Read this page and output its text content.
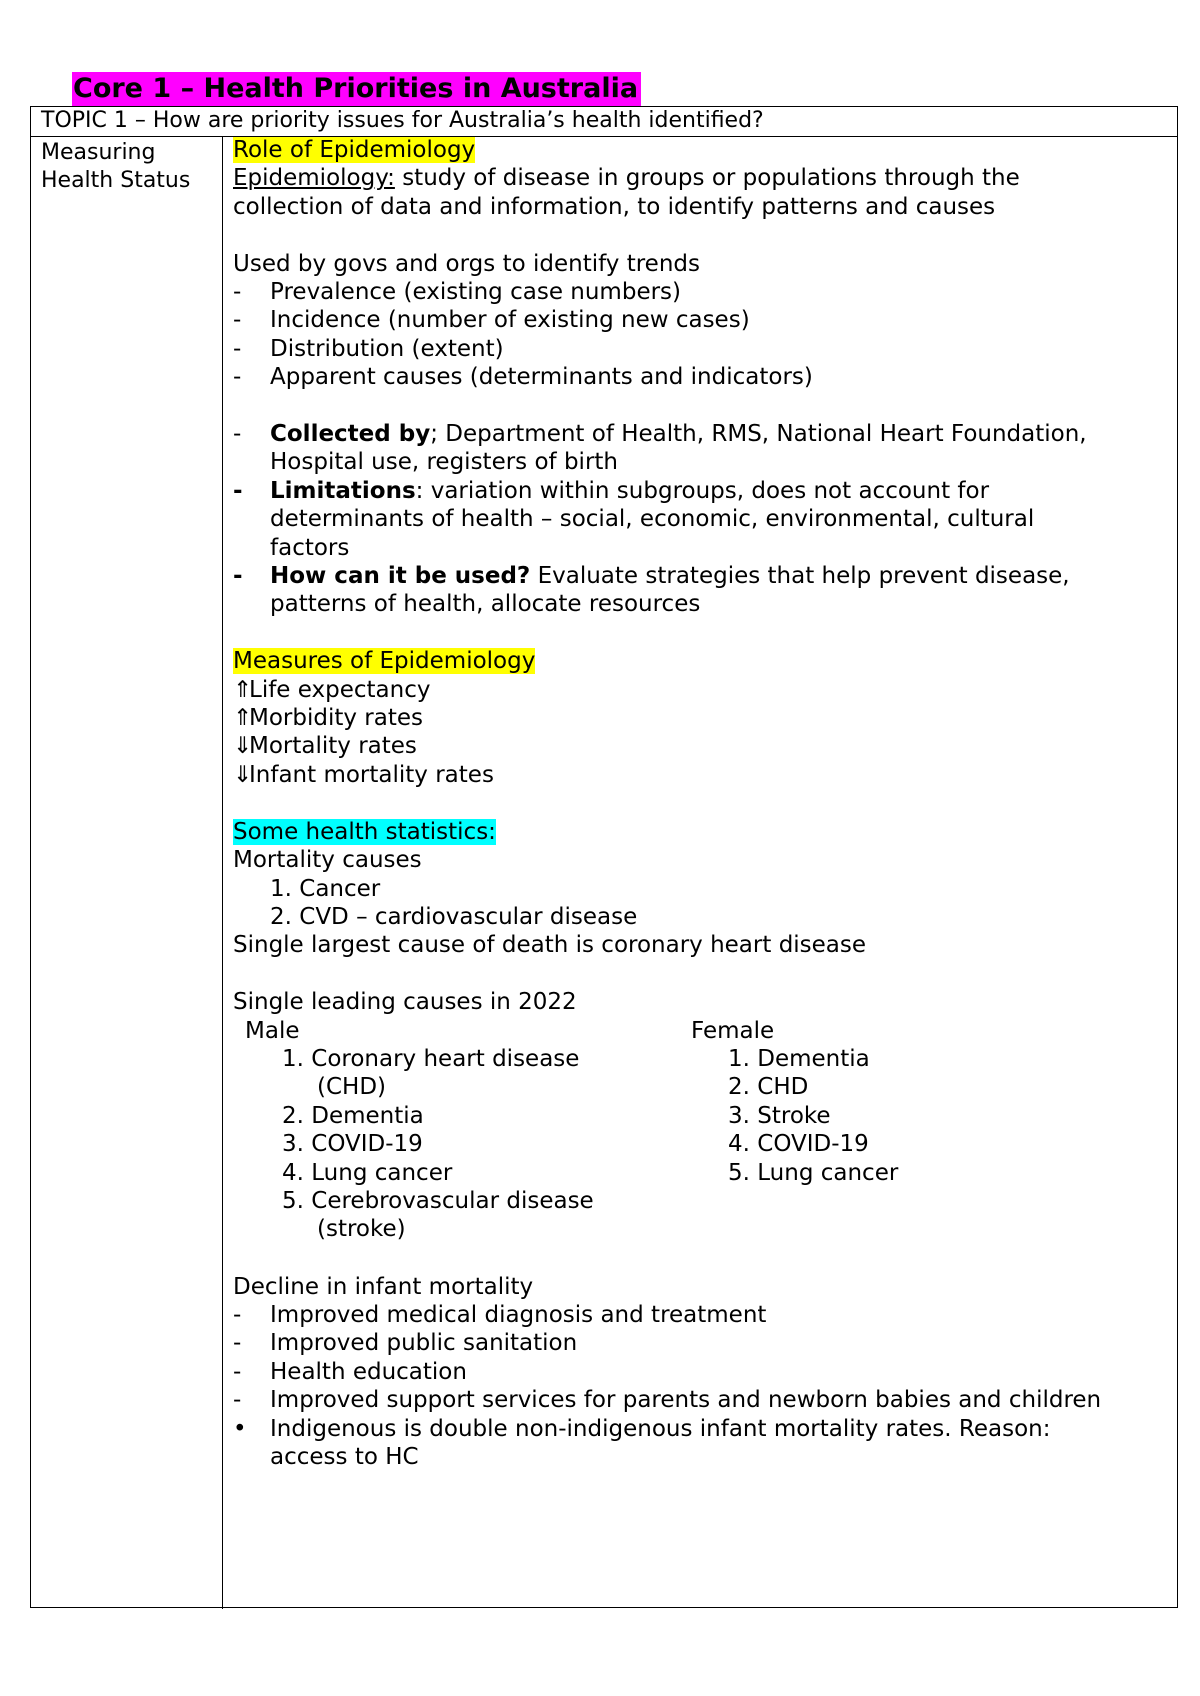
Core 1 – Health Priorities in Australia
TOPIC 1 – How are priority issues for Australia’s health identified?
Measuring
Health Status
Role of Epidemiology
Epidemiology: study of disease in groups or populations through the
collection of data and information, to identify patterns and causes
Used by govs and orgs to identify trends
-	Prevalence (existing case numbers)
-	Incidence (number of existing new cases)
-	Distribution (extent)
-	Apparent causes (determinants and indicators)
-	Collected by; Department of Health, RMS, National Heart Foundation,
Hospital use, registers of birth
-	Limitations: variation within subgroups, does not account for
determinants of health – social, economic, environmental, cultural
factors
-	How can it be used? Evaluate strategies that help prevent disease,
patterns of health, allocate resources
Measures of Epidemiology
⇑Life expectancy
⇑Morbidity rates
⇓Mortality rates
⇓Infant mortality rates
Some health statistics:
Mortality causes
1. Cancer
2. CVD – cardiovascular disease
Single largest cause of death is coronary heart disease
Single leading causes in 2022
Male
1. Coronary heart disease
(CHD)
2. Dementia
3. COVID-19
4. Lung cancer
5. Cerebrovascular disease
(stroke)
Female
1. Dementia
2. CHD
3. Stroke
4. COVID-19
5. Lung cancer
Decline in infant mortality
-	Improved medical diagnosis and treatment
-	Improved public sanitation
-	Health education
-	Improved support services for parents and newborn babies and children
•	Indigenous is double non-indigenous infant mortality rates. Reason:
access to HC
